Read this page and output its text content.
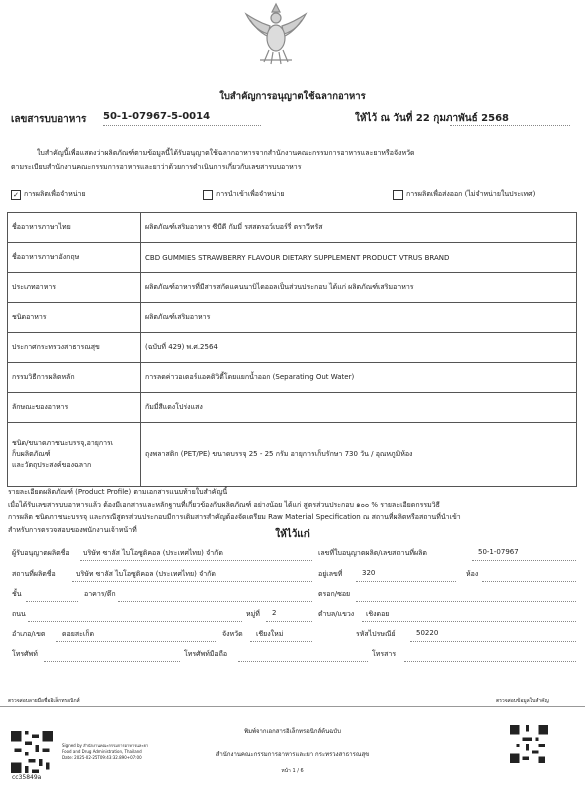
ใบสำคัญการอนุญาตใช้ฉลากอาหาร
เลขสารบบอาหาร 50-1-07967-5-0014	ให้ไว้ ณ วันที่ 22 กุมภาพันธ์ 2568
ใบสำคัญนี้เพื่อแสดงว่าผลิตภัณฑ์ตามข้อมูลนี้ได้รับอนุญาตใช้ฉลากอาหารจากสำนักงานคณะกรรมการอาหารและยาหรือจังหวัด
ตามระเบียบสำนักงานคณะกรรมการอาหารและยาว่าด้วยการดำเนินการเกี่ยวกับเลขสารบบอาหาร
✓ การผลิตเพื่อจำหน่าย	การนำเข้าเพื่อจำหน่าย	การผลิตเพื่อส่งออก (ไม่จำหน่ายในประเทศ)
ชื่ออาหารภาษาไทย	ผลิตภัณฑ์เสริมอาหาร ซีบีดี กัมมี่ รสสตรอว์เบอร์รี่ ตราวีทรัส
ชื่ออาหารภาษาอังกฤษ	CBD GUMMIES STRAWBERRY FLAVOUR DIETARY SUPPLEMENT PRODUCT VTRUS BRAND
ประเภทอาหาร	ผลิตภัณฑ์อาหารที่มีสารสกัดแคนนาบิไดออลเป็นส่วนประกอบ ได้แก่ ผลิตภัณฑ์เสริมอาหาร
ชนิดอาหาร	ผลิตภัณฑ์เสริมอาหาร
ประกาศกระทรวงสาธารณสุข	(ฉบับที่ 429) พ.ศ.2564
กรรมวิธีการผลิตหลัก	การลดค่าวอเตอร์แอคติวิตี้โดยแยกน้ำออก (Separating Out Water)
ลักษณะของอาหาร	กัมมี่สีแดงโปร่งแสง

ชนิด/ขนาดภาชนะบรรจุ,อายุการเ
ก็บผลิตภัณฑ์
และวัตถุประสงค์ของฉลาก	ถุงพลาสติก (PET/PE) ขนาดบรรจุ 25 - 25 กรัม อายุการเก็บรักษา 730 วัน / อุณหภูมิห้อง
รายละเอียดผลิตภัณฑ์ (Product Profile) ตามเอกสารแนบท้ายใบสำคัญนี้
เมื่อได้รับเลขสารบบอาหารแล้ว ต้องมีเอกสารและหลักฐานที่เกี่ยวข้องกับผลิตภัณฑ์ อย่างน้อย ได้แก่ สูตรส่วนประกอบ ๑๐๐ % รายละเอียดกรรมวิธี
การผลิต ชนิดภาชนะบรรจุ และกรณีสูตรส่วนประกอบมีการเติมสารสำคัญต้องจัดเตรียม Raw Material Specification ณ สถานที่ผลิตหรือสถานที่นำเข้า
สำหรับการตรวจสอบของพนักงานเจ้าหน้าที่	ให้ไว้แก่
ผู้รับอนุญาตผลิตชื่อ บริษัท ซาลัส ไบโอซูติคอล (ประเทศไทย) จำกัด	เลขที่ใบอนุญาตผลิต/เลขสถานที่ผลิต	50-1-07967
สถานที่ผลิตชื่อ	บริษัท ซาลัส ไบโอซูติคอล (ประเทศไทย) จำกัด	อยู่เลขที่	320	ห้อง
ชั้น	อาคาร/ตึก	ตรอก/ซอย
ถนน	หมู่ที่ 2	ตำบล/แขวง เชิงดอย
อำเภอ/เขต ดอยสะเก็ด	จังหวัด เชียงใหม่	รหัสไปรษณีย์	50220
โทรศัพท์	โทรศัพท์มือถือ	โทรสาร
ตรวจสอบลายมือชื่ออิเล็กทรอนิกส์	ตรวจสอบข้อมูลใบสำคัญ
Signed by สำนักงานคณะกรรมการอาหารและยา
Food and Drug Administration, Thailand
Date: 2025-02-25T09:43:32.890+07:00
cc35849a
พิมพ์จากเอกสารอิเล็กทรอนิกส์ต้นฉบับ
สำนักงานคณะกรรมการอาหารและยา กระทรวงสาธารณสุข
หน้า 1 / 6
